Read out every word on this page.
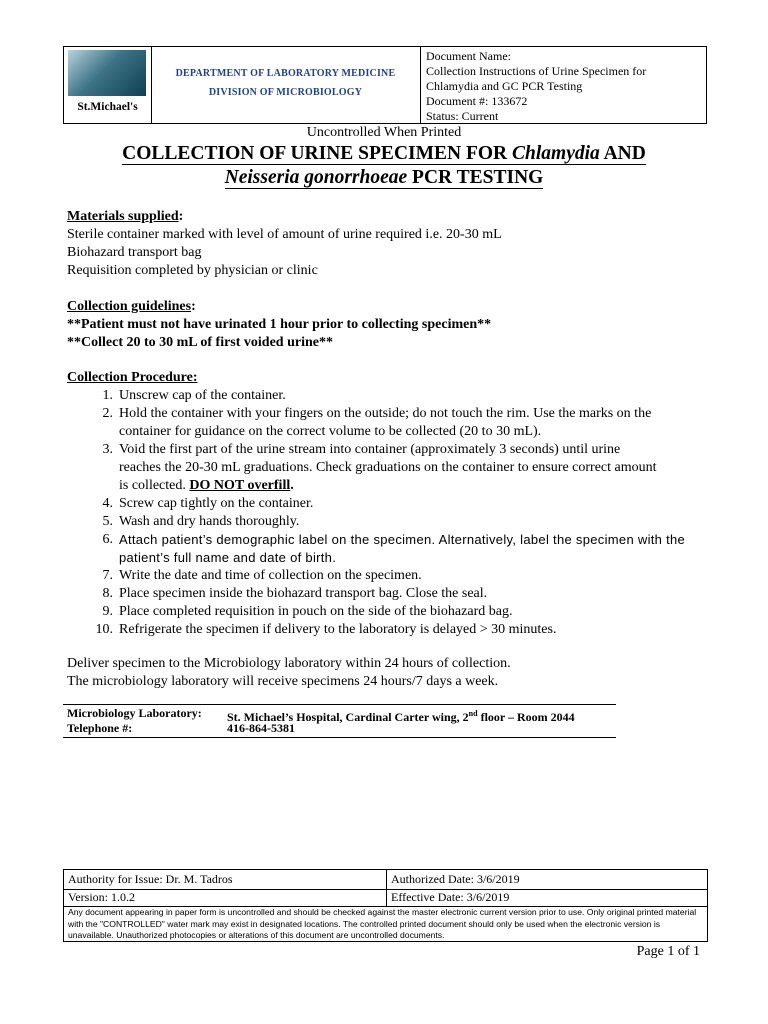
St.Michael's
DEPARTMENT OF LABORATORY MEDICINE
DIVISION OF MICROBIOLOGY
Document Name:
Collection Instructions of Urine Specimen for
Chlamydia and GC PCR Testing
Document #: 133672
Status: Current
Uncontrolled When Printed
COLLECTION OF URINE SPECIMEN FOR Chlamydia AND
Neisseria gonorrhoeae PCR TESTING
Materials supplied:
Sterile container marked with level of amount of urine required i.e. 20-30 mL
Biohazard transport bag
Requisition completed by physician or clinic
Collection guidelines:
**Patient must not have urinated 1 hour prior to collecting specimen**
**Collect 20 to 30 mL of first voided urine**
Collection Procedure:
1. Unscrew cap of the container.
2. Hold the container with your fingers on the outside; do not touch the rim. Use the marks on the
container for guidance on the correct volume to be collected (20 to 30 mL).
3. Void the first part of the urine stream into container (approximately 3 seconds) until urine
reaches the 20-30 mL graduations. Check graduations on the container to ensure correct amount
is collected. DO NOT overfill.
4. Screw cap tightly on the container.
5. Wash and dry hands thoroughly.
6. Attach patient’s demographic label on the specimen. Alternatively, label the specimen with the
patient’s full name and date of birth.
7. Write the date and time of collection on the specimen.
8. Place specimen inside the biohazard transport bag. Close the seal.
9. Place completed requisition in pouch on the side of the biohazard bag.
10. Refrigerate the specimen if delivery to the laboratory is delayed > 30 minutes.
Deliver specimen to the Microbiology laboratory within 24 hours of collection.
The microbiology laboratory will receive specimens 24 hours/7 days a week.
Microbiology Laboratory: St. Michael’s Hospital, Cardinal Carter wing, 2nd floor – Room 2044
Telephone #:	416-864-5381
Authority for Issue: Dr. M. Tadros	Authorized Date: 3/6/2019
Version: 1.0.2	Effective Date: 3/6/2019
Any document appearing in paper form is uncontrolled and should be checked against the master electronic current version prior to use. Only original printed material with the "CONTROLLED" water mark may exist in designated locations. The controlled printed document should only be used when the electronic version is unavailable. Unauthorized photocopies or alterations of this document are uncontrolled documents.
Page 1 of 1
